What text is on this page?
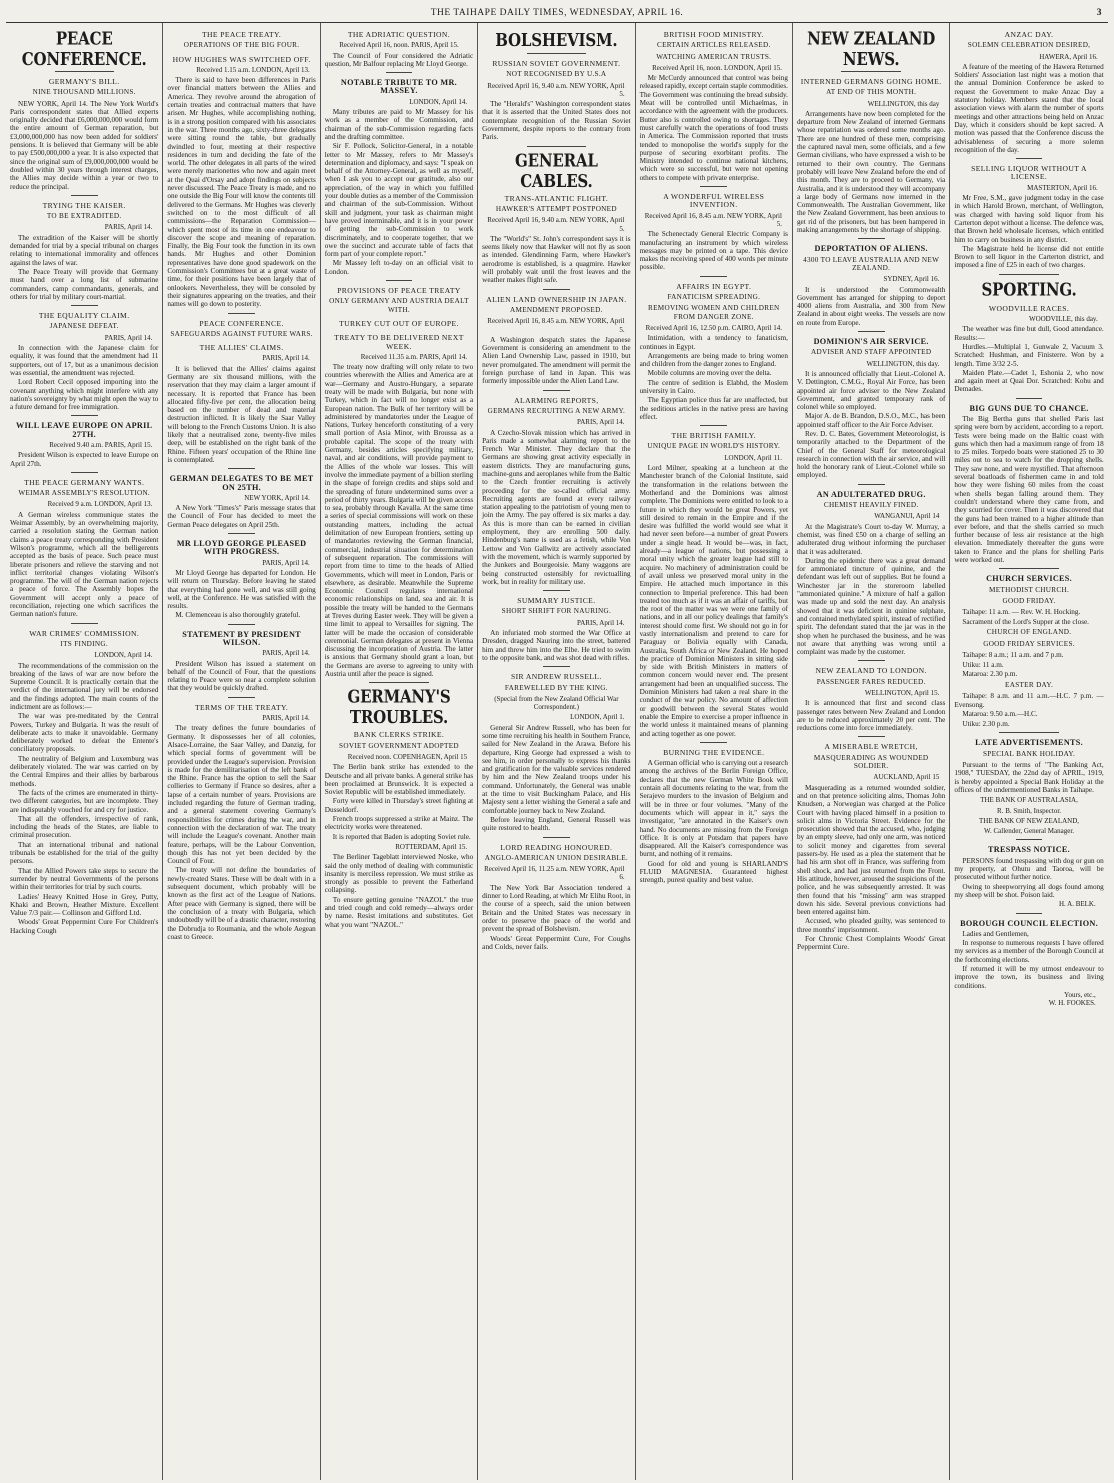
THE TAIHAPE DAILY TIMES, WEDNESDAY, APRIL 16.	3
PEACE CONFERENCE.
GERMANY'S BILL.
NINE THOUSAND MILLIONS.

NEW YORK, April 14. The New York World's Paris correspondent states that Allied experts originally decided that £6,000,000,000 would form the entire amount of German reparation, but £3,000,000,000 has now been added for soldiers' pensions. It is believed that Germany will be able to pay £500,000,000 a year. It is also expected that since the original sum of £9,000,000,000 would be doubled within 30 years through interest charges, the Allies may decide within a year or two to reduce the principal.

TRYING THE KAISER.
TO BE EXTRADITED.
PARIS, April 14.

The extradition of the Kaiser will be shortly demanded for trial by a special tribunal on charges relating to international immorality and offences against the laws of war.

The Peace Treaty will provide that Germany must hand over a long list of submarine commanders, camp commandants, generals, and others for trial by military court-martial.

THE EQUALITY CLAIM.
JAPANESE DEFEAT.
PARIS, April 14.

In connection with the Japanese claim for equality, it was found that the amendment had 11 supporters, out of 17, but as a unanimous decision was essential, the amendment was rejected.

Lord Robert Cecil opposed importing into the covenant anything which might interfere with any nation's sovereignty by what might open the way to a future demand for free immigration.

WILL LEAVE EUROPE ON APRIL 27TH.
Received 9.40 a.m. PARIS, April 15.

President Wilson is expected to leave Europe on April 27th.

THE PEACE GERMANY WANTS.
WEIMAR ASSEMBLY'S RESOLUTION.
Received 9 a.m. LONDON, April 13.

A German wireless communique states the Weimar Assembly, by an overwhelming majority, carried a resolution stating the German nation claims a peace treaty corresponding with President Wilson's programme, which all the belligerents accepted as the basis of peace. Such peace must liberate prisoners and relieve the starving and not inflict territorial changes violating Wilson's programme. The will of the German nation rejects a peace of force. The Assembly hopes the Government will accept only a peace of reconciliation, rejecting one which sacrifices the German nation's future.

WAR CRIMES' COMMISSION.
ITS FINDING.
LONDON, April 14.

The recommendations of the commission on the breaking of the laws of war are now before the Supreme Council. It is practically certain that the verdict of the international jury will be endorsed and the findings adopted. The main counts of the indictment are as follows:—

The war was pre-meditated by the Central Powers, Turkey and Bulgaria. It was the result of deliberate acts to make it unavoidable. Germany deliberately worked to defeat the Entente's conciliatory proposals.

The neutrality of Belgium and Luxemburg was deliberately violated. The war was carried on by the Central Empires and their allies by barbarous methods.

The facts of the crimes are enumerated in thirty-two different categories, but are incomplete. They are indisputably vouched for and cry for justice.

That all the offenders, irrespective of rank, including the heads of the States, are liable to criminal prosecution.

That an international tribunal and national tribunals be established for the trial of the guilty persons.

That the Allied Powers take steps to secure the surrender by neutral Governments of the persons within their territories for trial by such courts.

Ladies' Heavy Knitted Hose in Grey, Putty, Khaki and Brown, Heather Mixture. Excellent Value 7/3 pair.— Collinson and Gifford Ltd.

Woods' Great Peppermint Cure For Children's Hacking Cough

THE PEACE TREATY.
OPERATIONS OF THE BIG FOUR.
HOW HUGHES WAS SWITCHED OFF.
Received 1.15 a.m. LONDON, April 13.

There is said to have been differences in Paris over financial matters between the Allies and America. They revolve around the abrogation of certain treaties and contractual matters that have arisen. Mr Hughes, while accomplishing nothing, is in a strong position compared with his associates in the war. Three months ago, sixty-three delegates were sitting round the table, but gradually dwindled to four, meeting at their respective residences in turn and deciding the fate of the world. The other delegates in all parts of the wired were merely marionettes who now and again meet at the Quai d'Orsay and adopt findings on subjects never discussed. The Peace Treaty is made, and no one outside the Big Four will know the contents till delivered to the Germans. Mr Hughes was cleverly switched on to the most difficult of all commissions—the Reparation Commission—which spent most of its time in one endeavour to discover the scope and meaning of reparation. Finally, the Big Four took the function in its own hands. Mr Hughes and other Dominion representatives have done good spadework on the Commission's Committees but at a great waste of time, for their positions have been largely that of onlookers. Nevertheless, they will be consoled by their signatures appearing on the treaties, and their names will go down to posterity.

PEACE CONFERENCE.
SAFEGUARDS AGAINST FUTURE WARS.
THE ALLIES' CLAIMS.
PARIS, April 14.

It is believed that the Allies' claims against Germany are six thousand millions, with the reservation that they may claim a larger amount if necessary. It is reported that France has been allocated fifty-five per cent, the allocation being based on the number of dead and material destruction inflicted. It is likely the Saar Valley will belong to the French Customs Union. It is also likely that a neutralised zone, twenty-five miles deep, will be established on the right bank of the Rhine. Fifteen years' occupation of the Rhine line is contemplated.

GERMAN DELEGATES TO BE MET ON 25TH.
NEW YORK, April 14.

A New York "Times's" Paris message states that the Council of Four has decided to meet the German Peace delegates on April 25th.

MR LLOYD GEORGE PLEASED WITH PROGRESS.
PARIS, April 14.

Mr Lloyd George has departed for London. He will return on Thursday. Before leaving he stated that everything had gone well, and was still going well, at the Conference. He was satisfied with the results.

M. Clemenceau is also thoroughly grateful.

STATEMENT BY PRESIDENT WILSON.
PARIS, April 14.

President Wilson has issued a statement on behalf of the Council of Four, that the questions relating to Peace were so near a complete solution that they would be quickly drafted.

TERMS OF THE TREATY.
PARIS, April 14.

The treaty defines the future boundaries of Germany. It dispossesses her of all colonies, Alsace-Lorraine, the Saar Valley, and Danzig, for which special forms of government will be provided under the League's supervision. Provision is made for the demilitarisation of the left bank of the Rhine. France has the option to sell the Saar collieries to Germany if France so desires, after a lapse of a certain number of years. Provisions are included regarding the future of German trading, and a general statement covering Germany's responsibilities for crimes during the war, and in connection with the declaration of war. The treaty will include the League's covenant. Another main feature, perhaps, will be the Labour Convention, though this has not yet been decided by the Council of Four.

The treaty will not define the boundaries of newly-created States. These will be dealt with in a subsequent document, which probably will be known as the first act of the League of Nations. After peace with Germany is signed, there will be the conclusion of a treaty with Bulgaria, which undoubtedly will be of a drastic character, restoring the Dobrudja to Roumania, and the whole Aegean coast to Greece.

THE ADRIATIC QUESTION.
Received April 16, noon. PARIS, April 15.

The Council of Four considered the Adriatic question, Mr Balfour replacing Mr Lloyd George.

NOTABLE TRIBUTE TO MR. MASSEY.
LONDON, April 14.

Many tributes are paid to Mr Massey for his work as a member of the Commission, and chairman of the sub-Commission regarding facts and the drafting committee.

Sir F. Pollock, Solicitor-General, in a notable letter to Mr Massey, refers to Mr Massey's determination and diplomacy, and says: "I speak on behalf of the Attorney-General, as well as myself, when I ask you to accept our gratitude, also our appreciation, of the way in which you fulfilled your double duties as a member of the Commission and chairman of the sub-Commission. Without skill and judgment, your task as chairman might have proved interminable, and it is in your power of getting the sub-Commission to work discriminately, and to cooperate together, that we owe the succinct and accurate table of facts that form part of your complete report."

Mr Massey left to-day on an official visit to London.

PROVISIONS OF PEACE TREATY
ONLY GERMANY AND AUSTRIA DEALT WITH.
TURKEY CUT OUT OF EUROPE.
TREATY TO BE DELIVERED NEXT WEEK.
Received 11.35 a.m. PARIS, April 14.

The treaty now drafting will only relate to two countries wherewith the Allies and America are at war—Germany and Austro-Hungary, a separate treaty will be made with Bulgaria, but none with Turkey, which in fact will no longer exist as a European nation. The Bulk of her territory will be administered by mandatories under the League of Nations, Turkey henceforth constituting of a very small portion of Asia Minor, with Broussa as a probable capital. The scope of the treaty with Germany, besides articles specifying military, naval, and air conditions, will provide payment to the Allies of the whole war losses. This will involve the immediate payment of a billion sterling in the shape of foreign credits and ships sold and the spreading of future undetermined sums over a period of thirty years. Bulgaria will be given access to sea, probably through Kavalla. At the same time a series of special commissions will work on these outstanding matters, including the actual delimitation of new European frontiers, setting up of mandatories reviewing the German financial, commercial, industrial situation for determination of subsequent reparation. The commissions will report from time to time to the heads of Allied Governments, which will meet in London, Paris or elsewhere, as desirable. Meanwhile the Supreme Economic Council regulates international economic relationships on land, sea and air. It is possible the treaty will be handed to the Germans at Treves during Easter week. They will be given a time limit to appeal to Versailles for signing. The latter will be made the occasion of considerable ceremonial. German delegates at present in Vienna discussing the incorporation of Austria. The latter is anxious that Germany should grant a loan, but the Germans are averse to agreeing to unity with Austria until after the peace is signed.

GERMANY'S TROUBLES.
BANK CLERKS STRIKE.
SOVIET GOVERNMENT ADOPTED
Received noon. COPENHAGEN, April 15

The Berlin bank strike has extended to the Deutsche and all private banks. A general strike has been proclaimed at Brunswick. It is expected a Soviet Republic will be established immediately.

Forty were killed in Thursday's street fighting at Dusseldorf.

French troops suppressed a strike at Mainz. The electricity works were threatened.

It is reported that Baden is adopting Soviet rule.

ROTTERDAM, April 15.

The Berliner Tageblatt interviewed Noske, who said the only method of dealing with communistic insanity is merciless repression. We must strike as strongly as possible to prevent the Fatherland collapsing.

To ensure getting genuine "NAZOL" the true and tried cough and cold remedy—always order by name. Resist imitations and substitutes. Get what you want "NAZOL."

BOLSHEVISM.
RUSSIAN SOVIET GOVERNMENT.
NOT RECOGNISED BY U.S.A
Received April 16, 9.40 a.m. NEW YORK, April 5.

The "Herald's" Washington correspondent states that it is asserted that the United States does not contemplate recognition of the Russian Soviet Government, despite reports to the contrary from Paris.

GENERAL CABLES.
TRANS-ATLANTIC FLIGHT.
HAWKER'S ATTEMPT POSTPONED
Received April 16, 9.40 a.m. NEW YORK, April 5.

The "World's" St. John's correspondent says it is seems likely now that Hawker will not fly as soon as intended. Glendinning Farm, where Hawker's aerodrome is established, is a quagmire. Hawker will probably wait until the frost leaves and the weather makes flight safe.

ALIEN LAND OWNERSHIP IN JAPAN.
AMENDMENT PROPOSED.
Received April 16, 8.45 a.m. NEW YORK, April 5.

A Washington despatch states the Japanese Government is considering an amendment to the Alien Land Ownership Law, passed in 1910, but never promulgated. The amendment will permit the foreign purchase of land in Japan. This was formerly impossible under the Alien Land Law.

ALARMING REPORTS,
GERMANS RECRUITING A NEW ARMY.
PARIS, April 14.

A Czecho-Slovak mission which has arrived in Paris made a somewhat alarming report to the French War Minister. They declare that the Germans are showing great activity especially in eastern districts. They are manufacturing guns, machine-guns and aeroplanes while from the Baltic to the Czech frontier recruiting is actively proceeding for the so-called official army. Recruiting agents are found at every railway station appealing to the patriotism of young men to join the Army. The pay offered is six marks a day. As this is more than can be earned in civilian employment, they are enrolling 500 daily. Hindenburg's name is used as a fetish, while Von Lettow and Von Gallwitz are actively associated with the movement, which is warmly supported by the Junkers and Bourgeoisie. Many waggons are being constructed ostensibly for revictualling work, but in reality for military use.

SUMMARY JUSTICE.
SHORT SHRIFT FOR NAURING.
PARIS, April 14.

An infuriated mob stormed the War Office at Dresden, dragged Nauring into the street, battered him and threw him into the Elbe. He tried to swim to the opposite bank, and was shot dead with rifles.

SIR ANDREW RUSSELL.
FAREWELLED BY THE KING.
(Special from the New Zealand Official War Correspondent.)
LONDON, April 1.

General Sir Andrew Russell, who has been for some time recruiting his health in Southern France, sailed for New Zealand in the Arawa. Before his departure, King George had expressed a wish to see him, in order personally to express his thanks and gratification for the valuable services rendered by him and the New Zealand troops under his command. Unfortunately, the General was unable at the time to visit Buckingham Palace, and His Majesty sent a letter wishing the General a safe and comfortable journey back to New Zealand.

Before leaving England, General Russell was quite restored to health.

LORD READING HONOURED.
ANGLO-AMERICAN UNION DESIRABLE.
Received April 16, 11.25 a.m. NEW YORK, April 6.

The New York Bar Association tendered a dinner to Lord Reading, at which Mr Elihu Root, in the course of a speech, said the union between Britain and the United States was necessary in order to preserve the peace of the world and prevent the spread of Bolshevism.

Woods' Great Peppermint Cure, For Coughs and Colds, never fails.

BRITISH FOOD MINISTRY.
CERTAIN ARTICLES RELEASED.
WATCHING AMERICAN TRUSTS.
Received April 16, noon. LONDON, April 15.

Mr McCurdy announced that control was being released rapidly, except certain staple commodities. The Government was continuing the bread subsidy. Meat will be controlled until Michaelmas, in accordance with the agreement with the producers. Butter also is controlled owing to shortages. They must carefully watch the operations of food trusts in America. The Commission reported that trusts tended to monopolise the world's supply for the purpose of securing exorbitant profits. The Ministry intended to continue national kitchens, which were so successful, but were not opening others to compete with private enterprise.

A WONDERFUL WIRELESS INVENTION.
Received April 16, 8.45 a.m. NEW YORK, April 5.

The Schenectady General Electric Company is manufacturing an instrument by which wireless messages may be printed on a tape. This device makes the receiving speed of 400 words per minute possible.

AFFAIRS IN EGYPT.
FANATICISM SPREADING.
REMOVING WOMEN AND CHILDREN FROM DANGER ZONE.
Received April 16, 12.50 p.m. CAIRO, April 14.

Intimidation, with a tendency to fanaticism, continues in Egypt.

Arrangements are being made to bring women and children from the danger zones to England.

Mobile columns are moving over the delta.

The centre of sedition is Elabhd, the Moslem university in Cairo.

The Egyptian police thus far are unaffected, but the seditious articles in the native press are having effect.

THE BRITISH FAMILY.
UNIQUE PAGE IN WORLD'S HISTORY.
LONDON, April 11.

Lord Milner, speaking at a luncheon at the Manchester branch of the Colonial Institute, said the transformation in the relations between the Motherland and the Dominions was almost complete. The Dominions were entitled to look to a future in which they would be great Powers, yet still desired to remain in the Empire and if the desire was fulfilled the world would see what it had never seen before—a number of great Powers under a single head. It would be—was, in fact, already—a league of nations, but possessing a moral unity which the greater league had still to acquire. No machinery of administration could be of avail unless we preserved moral unity in the Empire. He attached much importance in this connection to Imperial preference. This had been treated too much as if it was an affair of tariffs, but the root of the matter was we were one family of nations, and in all our policy dealings that family's interest should come first. We should not go in for vastly internationalism and pretend to care for Paraguay or Bolivia equally with Canada, Australia, South Africa or New Zealand. He hoped the practice of Dominion Ministers in sitting side by side with British Ministers in matters of common concern would never end. The present arrangement had been an unqualified success. The Dominion Ministers had taken a real share in the conduct of the war policy. No amount of affection or goodwill between the several States would enable the Empire to exercise a proper influence in the world unless it maintained means of planning and acting together as one power.

BURNING THE EVIDENCE.

A German official who is carrying out a research among the archives of the Berlin Foreign Office, declares that the new German White Book will contain all documents relating to the war, from the Serajevo murders to the invasion of Belgium and will be in three or four volumes. "Many of the documents which will appear in it," says the investigator, "are annotated in the Kaiser's own hand. No documents are missing from the Foreign Office. It is only at Potsdam that papers have disappeared. All the Kaiser's correspondence was burnt, and nothing of it remains.

Good for old and young is SHARLAND'S FLUID MAGNESIA. Guaranteed highest strength, purest quality and best value.

NEW ZEALAND NEWS.
INTERNED GERMANS GOING HOME.
AT END OF THIS MONTH.
WELLINGTON, this day

Arrangements have now been completed for the departure from New Zealand of interned Germans whose repatriation was ordered some months ago. There are one hundred of these men, comprising the captured naval men, some officials, and a few German civilians, who have expressed a wish to be returned to their own country. The Germans probably will leave New Zealand before the end of this month. They are to proceed to Germany, via Australia, and it is understood they will accompany a large body of Germans now interned in the Commonwealth. The Australian Government, like the New Zealand Government, has been anxious to get rid of the prisoners, but has been hampered in making arrangements by the shortage of shipping.

DEPORTATION OF ALIENS.
4300 TO LEAVE AUSTRALIA AND NEW ZEALAND.
SYDNEY, April 16.

It is understood the Commonwealth Government has arranged for shipping to deport 4000 aliens from Australia, and 300 from New Zealand in about eight weeks. The vessels are now en route from Europe.

DOMINION'S AIR SERVICE.
ADVISER AND STAFF APPOINTED
WELLINGTON, this day.

It is announced officially that Lieut.-Colonel A. V. Dettington, C.M.G., Royal Air Force, has been appointed air force adviser to the New Zealand Government, and granted temporary rank of colonel while so employed.

Major A. de B. Brandon, D.S.O., M.C., has been appointed staff officer to the Air Force Adviser.

Rev. D. C. Bates, Government Meteorologist, is temporarily attached to the Department of the Chief of the General Staff for meteorological research in connection with the air service, and will hold the honorary rank of Lieut.-Colonel while so employed.

AN ADULTERATED DRUG.
CHEMIST HEAVILY FINED.
WANGANUI, April 14

At the Magistrate's Court to-day W. Murray, a chemist, was fined £50 on a charge of selling an adulterated drug without informing the purchaser that it was adulterated.

During the epidemic there was a great demand for ammoniated tincture of quinine, and the defendant was left out of supplies. But he found a Winchester jar in the storeroom labelled "ammoniated quinine." A mixture of half a gallon was made up and sold the next day. An analysis showed that it was deficient in quinine sulphate, and contained methylated spirit, instead of rectified spirit. The defendant stated that the jar was in the shop when he purchased the business, and he was not aware that anything was wrong until a complaint was made by the customer.

NEW ZEALAND TO LONDON.
PASSENGER FARES REDUCED.
WELLINGTON, April 15.

It is announced that first and second class passenger rates between New Zealand and London are to be reduced approximately 20 per cent. The reductions come into force immediately.

A MISERABLE WRETCH,
MASQUERADING AS WOUNDED SOLDIER.
AUCKLAND, April 15

Masquerading as a returned wounded soldier, and on that pretence soliciting alms, Thomas John Knudsen, a Norwegian was charged at the Police Court with having placed himself in a position to solicit alms in Victoria Street. Evidence for the prosecution showed that the accused, who, judging by an empty sleeve, had only one arm, was noticed to solicit money and cigarettes from several passers-by. He used as a plea the statement that he had his arm shot off in France, was suffering from shell shock, and had just returned from the Front. His attitude, however, aroused the suspicions of the police, and he was subsequently arrested. It was then found that his "missing" arm was strapped down his side. Several previous convictions had been entered against him.

Accused, who pleaded guilty, was sentenced to three months' imprisonment.

For Chronic Chest Complaints Woods' Great Peppermint Cure.

ANZAC DAY.
SOLEMN CELEBRATION DESIRED,
HAWERA, April 16.

A feature of the meeting of the Hawera Returned Soldiers' Association last night was a motion that the annual Dominion Conference be asked to request the Government to make Anzac Day a statutory holiday. Members stated that the local association views with alarm the number of sports meetings and other attractions being held on Anzac Day, which it considers should be kept sacred. A motion was passed that the Conference discuss the advisableness of securing a more solemn recognition of the day.

SELLING LIQUOR WITHOUT A LICENSE.
MASTERTON, April 16.

Mr Free, S.M., gave judgment today in the case in which Harold Brown, merchant, of Wellington, was charged with having sold liquor from his Carterton depot without a license. The defence was, that Brown held wholesale licenses, which entitled him to carry on business in any district.

The Magistrate held he license did not entitle Brown to sell liquor in the Carterton district, and imposed a fine of £25 in each of two charges.

SPORTING.
WOODVILLE RACES.
WOODVILLE, this day.

The weather was fine but dull, Good attendance. Results:—

Hurdles.—Multiplal 1, Gunwale 2, Vacuum 3. Scratched: Hushman, and Finisterre. Won by a length. Time 3/32 2-5.

Maiden Plate.—Cadet 1, Eshonia 2, who now and again meet at Quai Dor. Scratched: Kohu and Demades.

BIG GUNS DUE TO CHANCE.

The Big Bertha guns that shelled Paris last spring were born by accident, according to a report. Tests were being made on the Baltic coast with guns which then had a maximum range of from 18 to 25 miles. Torpedo boats were stationed 25 to 30 miles out to sea to watch for the dropping shells. They saw none, and were mystified. That afternoon several boatloads of fishermen came in and told how they were fishing 60 miles from the coast when shells began falling around them. They couldn't understand where they came from, and they scurried for cover. Then it was discovered that the guns had been trained to a higher altitude than ever before, and that the shells carried so much further because of less air resistance at the high elevation. Immediately thereafter the guns were taken to France and the plans for shelling Paris were worked out.

CHURCH SERVICES.
METHODIST CHURCH.
GOOD FRIDAY.

Taihape: 11 a.m. — Rev. W. H. Hocking.

Sacrament of the Lord's Supper at the close.

CHURCH OF ENGLAND.
GOOD FRIDAY SERVICES.

Taihape: 8 a.m.; 11 a.m. and 7 p.m.

Utiku: 11 a.m.

Mataroa: 2.30 p.m.

EASTER DAY.

Taihape: 8 a.m. and 11 a.m.—H.C. 7 p.m. — Evensong.

Mataroa: 9.50 a.m.—H.C.

Utiku: 2.30 p.m.

LATE ADVERTISEMENTS.
SPECIAL BANK HOLIDAY.

Pursuant to the terms of "The Banking Act, 1908," TUESDAY, the 22nd day of APRIL, 1919, is hereby appointed a Special Bank Holiday at the offices of the undermentioned Banks in Taihape.

THE BANK OF AUSTRALASIA,
R. B. Smith, Inspector.
THE BANK OF NEW ZEALAND,
W. Callender, General Manager.
TRESPASS NOTICE.

PERSONS found trespassing with dog or gun on my property, at Ohutu and Taoroa, will be prosecuted without further notice.

Owing to sheepworrying all dogs found among my sheep will be shot. Poison laid.

H. A. BELK.
BOROUGH COUNCIL ELECTION.

Ladies and Gentlemen,

In response to numerous requests I have offered my services as a member of the Borough Council at the forthcoming elections.

If returned it will be my utmost endeavour to improve the town, its business and living conditions.

Yours, etc.,
W. H. FOOKES.
